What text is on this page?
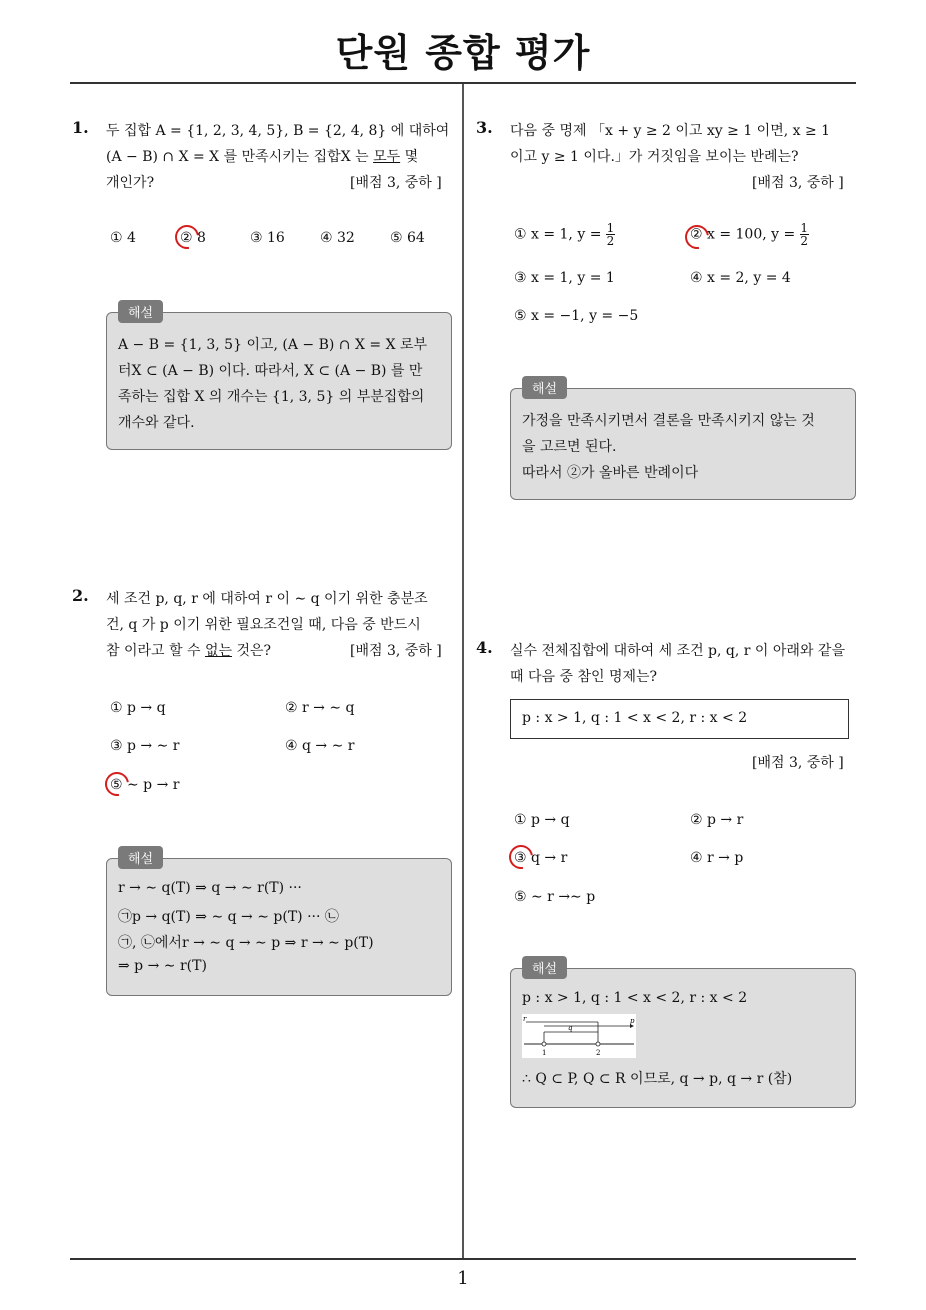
단원 종합 평가
1
1. 두 집합 A = {1, 2, 3, 4, 5}, B = {2, 4, 8} 에 대하여
(A − B) ∩ X = X 를 만족시키는 집합X 는 모두 몇
개인가?	[배점 3, 중하 ]
① 4	② 8	③ 16	④ 32	⑤ 64
해설
A − B = {1, 3, 5} 이고, (A − B) ∩ X = X 로부
터X ⊂ (A − B) 이다. 따라서, X ⊂ (A − B) 를 만
족하는 집합 X 의 개수는 {1, 3, 5} 의 부분집합의
개수와 같다.
2. 세 조건 p, q, r 에 대하여 r 이 ∼ q 이기 위한 충분조
건, q 가 p 이기 위한 필요조건일 때, 다음 중 반드시
참 이라고 할 수 없는 것은?	[배점 3, 중하 ]
① p → q	② r → ∼ q
③ p → ∼ r	④ q → ∼ r
⑤ ∼ p → r
해설
r → ∼ q(T) ⇒ q → ∼ r(T) ···
㉠p → q(T) ⇒ ∼ q → ∼ p(T) ··· ㉡
㉠, ㉡에서r → ∼ q → ∼ p ⇒ r → ∼ p(T)
⇒ p → ∼ r(T)
3. 다음 중 명제 「x + y ≥ 2 이고 xy ≥ 1 이면, x ≥ 1
이고 y ≥ 1 이다.」가 거짓임을 보이는 반례는?
[배점 3, 중하 ]
① x = 1, $y = \frac{1}{2}$	② x = 100, $y = \frac{1}{2}$
③ x = 1, y = 1	④ x = 2, y = 4
⑤ x = −1, y = −5
해설
가정을 만족시키면서 결론을 만족시키지 않는 것
을 고르면 된다.
따라서 ②가 올바른 반례이다
4. 실수 전체집합에 대하여 세 조건 p, q, r 이 아래와 같을
때 다음 중 참인 명제는?
p : x > 1, q : 1 < x < 2, r : x < 2
[배점 3, 중하 ]
① p → q	② p → r
③ q → r	④ r → p
⑤ ∼ r →∼ p
해설
p : x > 1, q : 1 < x < 2, r : x < 2
r
q
p
1	2
∴ Q ⊂ P, Q ⊂ R 이므로, q → p, q → r (참)
